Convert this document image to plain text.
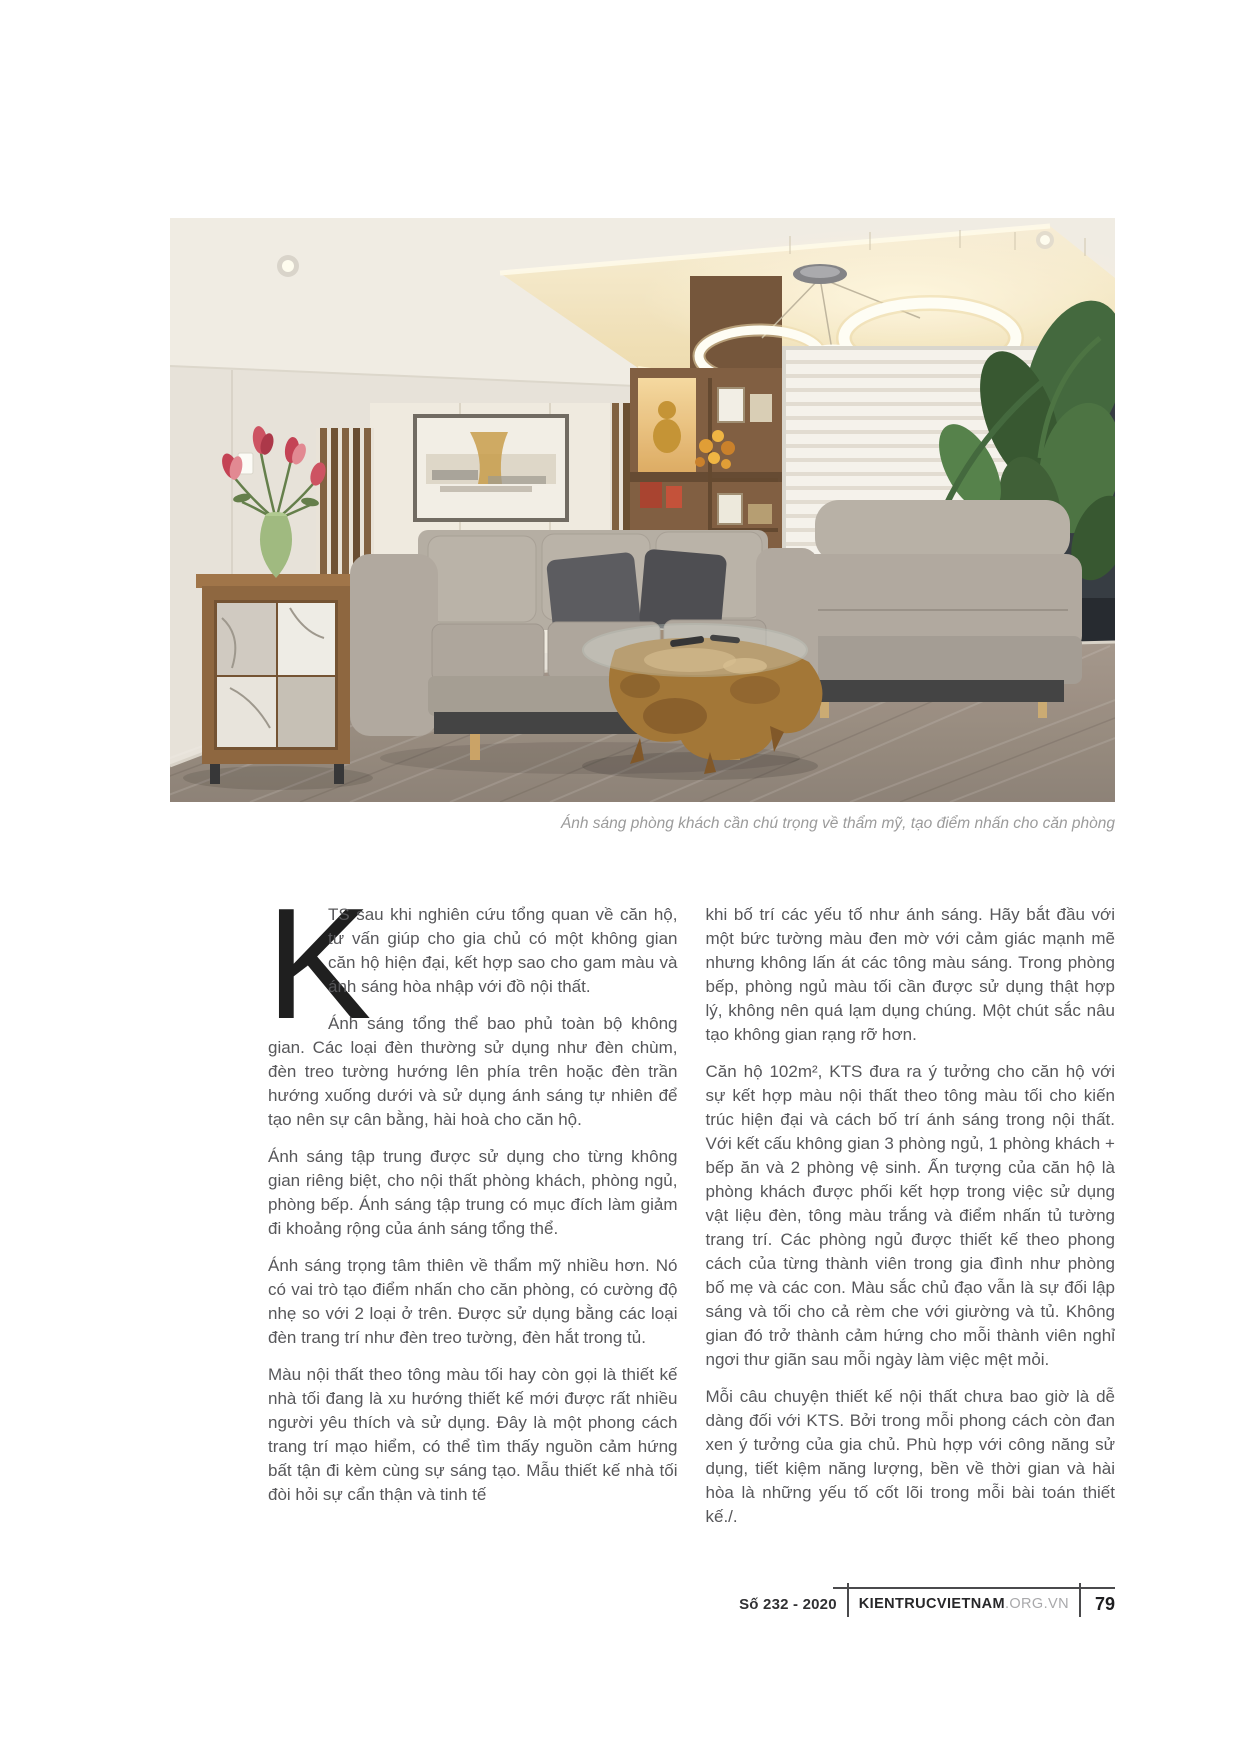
Ánh sáng phòng khách cần chú trọng về thẩm mỹ, tạo điểm nhấn cho căn phòng
K

TS sau khi nghiên cứu tổng quan về căn hộ, tư vấn giúp cho gia chủ có một không gian căn hộ hiện đại, kết hợp sao cho gam màu và ánh sáng hòa nhập với đồ nội thất.

Ánh sáng tổng thể bao phủ toàn bộ không gian. Các loại đèn thường sử dụng như đèn chùm, đèn treo tường hướng lên phía trên hoặc đèn trần hướng xuống dưới và sử dụng ánh sáng tự nhiên để tạo nên sự cân bằng, hài hoà cho căn hộ.

Ánh sáng tập trung được sử dụng cho từng không gian riêng biệt, cho nội thất phòng khách, phòng ngủ, phòng bếp. Ánh sáng tập trung có mục đích làm giảm đi khoảng rộng của ánh sáng tổng thể.

Ánh sáng trọng tâm thiên về thẩm mỹ nhiều hơn. Nó có vai trò tạo điểm nhấn cho căn phòng, có cường độ nhẹ so với 2 loại ở trên. Được sử dụng bằng các loại đèn trang trí như đèn treo tường, đèn hắt trong tủ.

Màu nội thất theo tông màu tối hay còn gọi là thiết kế nhà tối đang là xu hướng thiết kế mới được rất nhiều người yêu thích và sử dụng. Đây là một phong cách trang trí mạo hiểm, có thể tìm thấy nguồn cảm hứng bất tận đi kèm cùng sự sáng tạo. Mẫu thiết kế nhà tối đòi hỏi sự cẩn thận và tinh tế

khi bố trí các yếu tố như ánh sáng. Hãy bắt đầu với một bức tường màu đen mờ với cảm giác mạnh mẽ nhưng không lấn át các tông màu sáng. Trong phòng bếp, phòng ngủ màu tối cần được sử dụng thật hợp lý, không nên quá lạm dụng chúng. Một chút sắc nâu tạo không gian rạng rỡ hơn.

Căn hộ 102m², KTS đưa ra ý tưởng cho căn hộ với sự kết hợp màu nội thất theo tông màu tối cho kiến trúc hiện đại và cách bố trí ánh sáng trong nội thất. Với kết cấu không gian 3 phòng ngủ, 1 phòng khách + bếp ăn và 2 phòng vệ sinh. Ấn tượng của căn hộ là phòng khách được phối kết hợp trong việc sử dụng vật liệu đèn, tông màu trắng và điểm nhấn tủ tường trang trí. Các phòng ngủ được thiết kế theo phong cách của từng thành viên trong gia đình như phòng bố mẹ và các con. Màu sắc chủ đạo vẫn là sự đối lập sáng và tối cho cả rèm che với giường và tủ. Không gian đó trở thành cảm hứng cho mỗi thành viên nghỉ ngơi thư giãn sau mỗi ngày làm việc mệt mỏi.

Mỗi câu chuyện thiết kế nội thất chưa bao giờ là dễ dàng đối với KTS. Bởi trong mỗi phong cách còn đan xen ý tưởng của gia chủ. Phù hợp với công năng sử dụng, tiết kiệm năng lượng, bền về thời gian và hài hòa là những yếu tố cốt lõi trong mỗi bài toán thiết kế./.

Số 232 - 2020 KIENTRUCVIETNAM.ORG.VN 79
